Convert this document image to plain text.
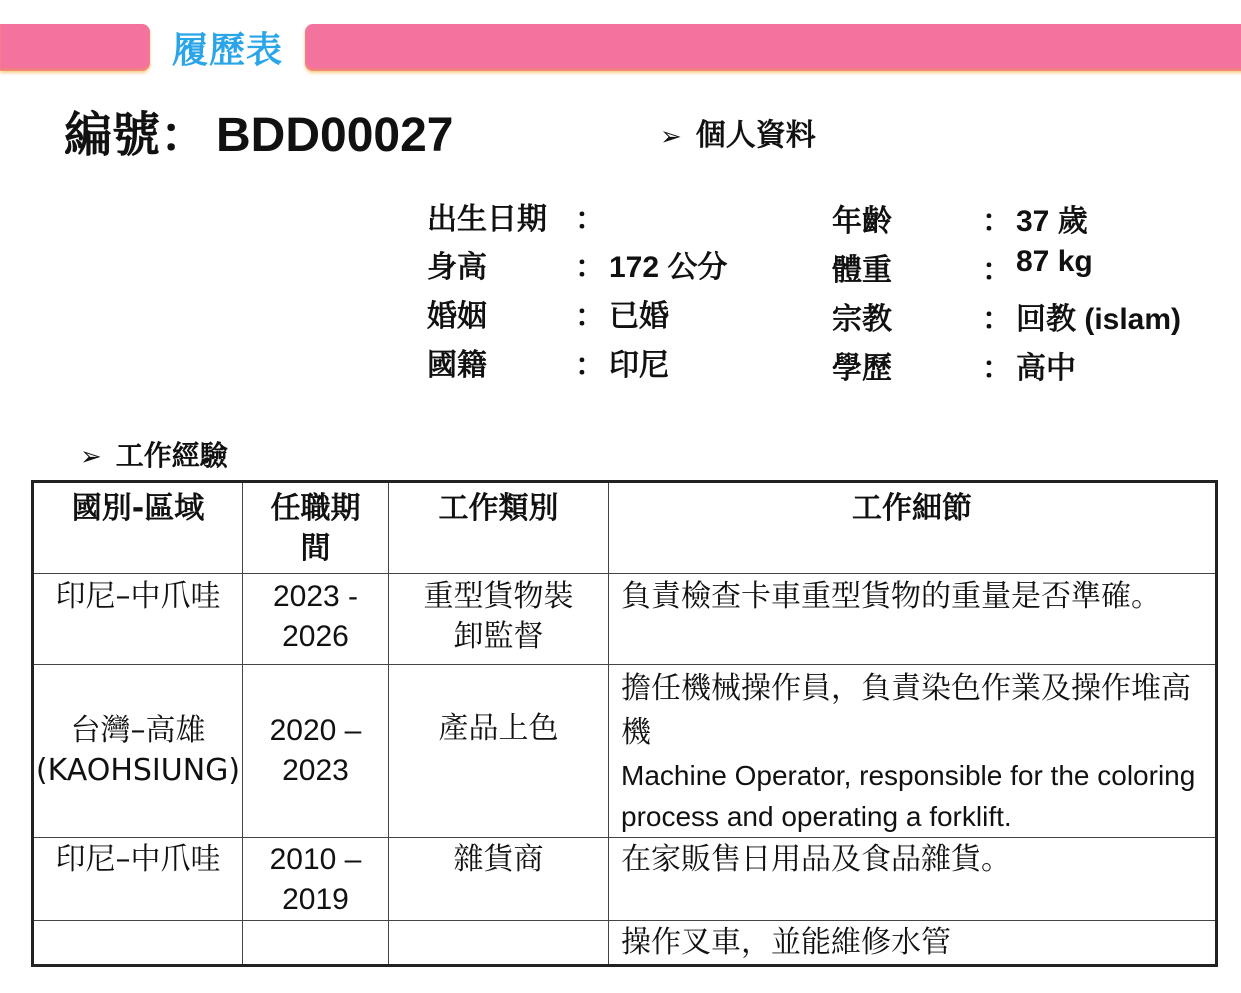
履歷表
編號： BDD00027	➢ 個人資料
出生日期 ：
身高	： 172 公分
婚姻	： 已婚
國籍	： 印尼
年齡	： 37 歲
體重	： 87 kg
宗教	： 回教 (islam)
學歷	： 高中
➢ 工作經驗
國別-區域	任職期間	工作類別	工作細節
印尼–中爪哇	2023 - 2026	重型貨物裝卸監督	負責檢查卡車重型貨物的重量是否準確。
台灣–高雄 (KAOHSIUNG)	2020 – 2023	產品上色	擔任機械操作員，負責染色作業及操作堆高機
Machine Operator, responsible for the coloring process and operating a forklift.

印尼–中爪哇	2010 – 2019	雜貨商	在家販售日用品及食品雜貨。
			操作叉車，並能維修水管
